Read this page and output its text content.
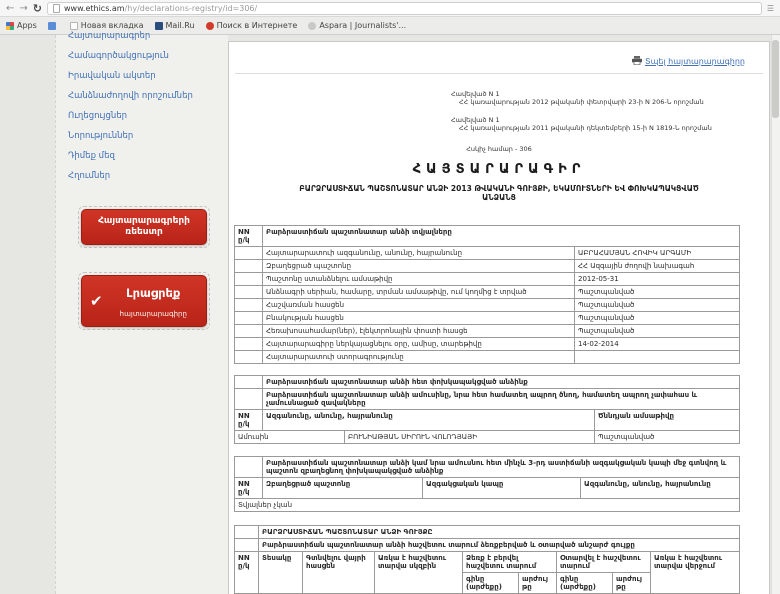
← → ↻	www.ethics.am/hy/declarations-registry/id=306/	☰
Apps	Новая вкладка	Mail.Ru	Поиск в Интернете	Aspara | Journalists'...
Հայտարարագրեր
Համագործակցություն
Իրավական ակտեր
Հանձնաժողովի որոշումներ
Ուղեցույցներ
Նորություններ
Դիմեք մեզ
Հղումներ
Հայտարարագրերի
ռեեստր
✔	Լրացրեք
հայտարարագիրը
Տպել հայտարարագիրը
Հավելված N 1
ՀՀ կառավարության 2012 թվականի փետրվարի 23-ի N 206-Ն որոշման
Հավելված N 1
ՀՀ կառավարության 2011 թվականի դեկտեմբերի 15-ի N 1819-Ն որոշման
Հսկիչ համար - 306
ՀԱՅՏԱՐԱՐԱԳԻՐ
ԲԱՐՁՐԱՍՏԻՃԱՆ ՊԱՇՏՈՆԱՏԱՐ ԱՆՁԻ 2013 ԹՎԱԿԱՆԻ ԳՈՒՅՔԻ, ԵԿԱՄՈՒՏՆԵՐԻ ԵՎ ՓՈԽԿԱՊԱԿՑՎԱԾ ԱՆՁԱՆՑ
NN ը/կ	Բարձրաստիճան պաշտոնատար անձի տվյալները	
	Հայտարարատուի ազգանունը, անունը, հայրանունը	ԱԲՐԱՀԱՄՅԱՆ ՀՈՎԻԿ ԱՐԳԱՄԻ
	Զբաղեցրած պաշտոնը	ՀՀ Ազգային ժողովի նախագահ
	Պաշտոնը ստանձնելու ամսաթիվը	2012-05-31
	Անձնագրի սերիան, համարը, տրման ամսաթիվը, ում կողմից է տրված	Պաշտպանված
	Հաշվառման հասցեն	Պաշտպանված
	Բնակության հասցեն	Պաշտպանված
	Հեռախոսահամար(ներ), էլեկտրոնային փոստի հասցե	Պաշտպանված
	Հայտարարագիրը ներկայացնելու օրը, ամիսը, տարեթիվը	14-02-2014
	Հայտարարատուի ստորագրությունը	
	Բարձրաստիճան պաշտոնատար անձի հետ փոխկապակցված անձինք		
	Բարձրաստիճան պաշտոնատար անձի ամուսինը, նրա հետ համատեղ ապրող ծնող, համատեղ ապրող չափահաս և չամուսնացած զավակները		
NN ը/կ	Ազգանունը, անունը, հայրանունը		Ծննդյան ամսաթիվը
Ամուսին		ԲՈՒՆԻԱԹՅԱՆ ՍԻՐՈՒՆ ՎՈԼՈԴՅԱՅԻ	Պաշտպանված
	Բարձրաստիճան պաշտոնատար անձի կամ նրա ամուսնու հետ մինչև 3-րդ աստիճանի ազգակցական կապի մեջ գտնվող և պաշտոն զբաղեցնող փոխկապակցված անձինք		
NN ը/կ	Զբաղեցրած պաշտոնը	Ազգակցական կապը	Ազգանունը, անունը, հայրանունը
Տվյալներ չկան			
	ԲԱՐՁՐԱՍՏԻՃԱՆ ՊԱՇՏՈՆԱՏԱՐ ԱՆՁԻ ԳՈՒՅՔԸ							
	Բարձրաստիճան պաշտոնատար անձի հաշվետու տարում ձեռքբերված և օտարված անշարժ գույքը							
NN ը/կ	Տեսակը	Գտնվելու վայրի հասցեն	Առկա է հաշվետու տարվա սկզբին	Ձեռք է բերվել հաշվետու տարում		Օտարվել է հաշվետու տարում		Առկա է հաշվետու տարվա վերջում
				գինը (արժեքը)	արժույթը	գինը (արժեքը)	արժույթը	
